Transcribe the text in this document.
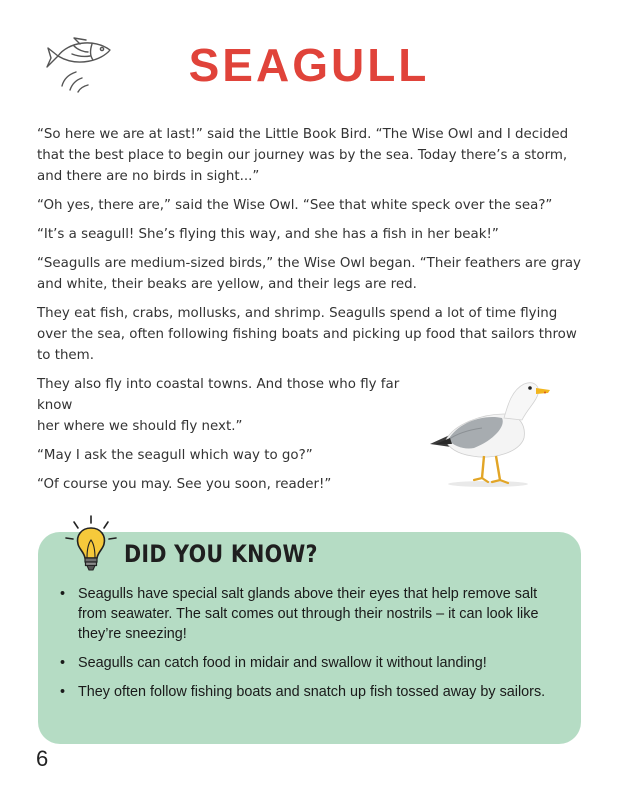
SEAGULL

“So here we are at last!” said the Little Book Bird. “The Wise Owl and I decided that the best place to begin our journey was by the sea. Today there’s a storm, and there are no birds in sight...”

“Oh yes, there are,” said the Wise Owl. “See that white speck over the sea?”

“It’s a seagull! She’s flying this way, and she has a fish in her beak!”

“Seagulls are medium-sized birds,” the Wise Owl began. “Their feathers are gray and white, their beaks are yellow, and their legs are red.

They eat fish, crabs, mollusks, and shrimp. Seagulls spend a lot of time flying over the sea, often following fishing boats and picking up food that sailors throw to them.

They also fly into coastal towns. And those who fly far know

her where we should fly next.”

“May I ask the seagull which way to go?”

“Of course you may. See you soon, reader!”

DID YOU KNOW?
• Seagulls have special salt glands above their eyes that help remove salt from seawater. The salt comes out through their nostrils – it can look like they’re sneezing!
• Seagulls can catch food in midair and swallow it without landing!
• They often follow fishing boats and snatch up fish tossed away by sailors.

6
